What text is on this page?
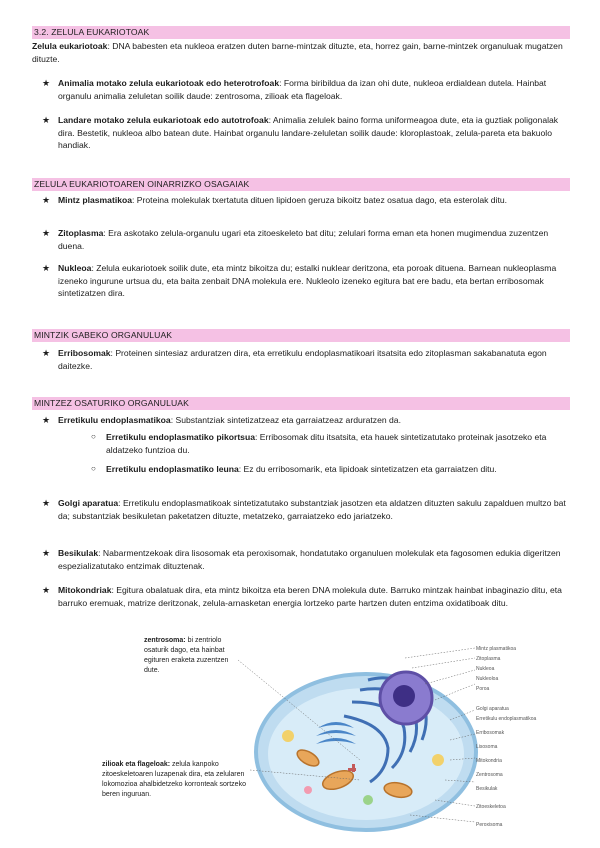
3.2. ZELULA EUKARIOTOAK
Zelula eukariotoak: DNA babesten eta nukleoa eratzen duten barne-mintzak dituzte, eta, horrez gain, barne-mintzek organuluak mugatzen dituzte.
★ Animalia motako zelula eukariotoak edo heterotrofoak: Forma biribildua da izan ohi dute, nukleoa erdialdean dutela. Hainbat organulu animalia zeluletan soilik daude: zentrosoma, zilioak eta flageloak.
★ Landare motako zelula eukariotoak edo autotrofoak: Animalia zelulek baino forma uniformeagoa dute, eta ia guztiak poligonalak dira. Bestetik, nukleoa albo batean dute. Hainbat organulu landare-zeluletan soilik daude: kloroplastoak, zelula-pareta eta bakuolo handiak.
ZELULA EUKARIOTOAREN OINARRIZKO OSAGAIAK
★ Mintz plasmatikoa: Proteina molekulak txertatuta dituen lipidoen geruza bikoitz batez osatua dago, eta esterolak ditu.
★ Zitoplasma: Era askotako zelula-organulu ugari eta zitoeskeleto bat ditu; zelulari forma eman eta honen mugimendua zuzentzen duena.
★ Nukleoa: Zelula eukariotoek soilik dute, eta mintz bikoitza du; estalki nuklear deritzona, eta poroak dituena. Barnean nukleoplasma izeneko ingurune urtsua du, eta baita zenbait DNA molekula ere. Nukleolo izeneko egitura bat ere badu, eta bertan erribosomak sintetizatzen dira.
MINTZIK GABEKO ORGANULUAK
★ Erribosomak: Proteinen sintesiaz arduratzen dira, eta erretikulu endoplasmatikoari itsatsita edo zitoplasman sakabanatuta egon daitezke.
MINTZEZ OSATURIKO ORGANULUAK
★ Erretikulu endoplasmatikoa: Substantziak sintetizatzeaz eta garraiatzeaz arduratzen da.
○ Erretikulu endoplasmatiko pikortsua: Erribosomak ditu itsatsita, eta hauek sintetizatutako proteinak jasotzeko eta aldatzeko funtzioa du.
○ Erretikulu endoplasmatiko leuna: Ez du erribosomarik, eta lipidoak sintetizatzen eta garraiatzen ditu.
★ Golgi aparatua: Erretikulu endoplasmatikoak sintetizatutako substantziak jasotzen eta aldatzen dituzten sakulu zapalduen multzo bat da; substantziak besikuletan paketatzen dituzte, metatzeko, garraiatzeko edo jariatzeko.
★ Besikulak: Nabarmentzekoak dira lisosomak eta peroxisomak, hondatutako organuluen molekulak eta fagosomen edukia digeritzen espezializatutako entzimak dituztenak.
★ Mitokondriak: Egitura obalatuak dira, eta mintz bikoitza eta beren DNA molekula dute. Barruko mintzak hainbat inbaginazio ditu, eta barruko eremuak, matrize deritzonak, zelula-arnasketan energia lortzeko parte hartzen duten entzima oxidatiboak ditu.
zentrosoma: bi zentriolo osaturik dago, eta hainbat egituren eraketa zuzentzen dute.
zilioak eta flageloak: zelula kanpoko zitoeskeletoaren luzapenak dira, eta zelularen lokomozioa ahalbidetzeko korronteak sortzeko beren inguruan.
Mintz plasmatikoa
Zitoplasma
Nukleoa
Nukleoloa
Poroa
Golgi aparatua
Erretikulu endoplasmatikoa
Erribosomak
Lisosoma
Mitokondria
Zentrosoma
Besikulak
Zitoeskeletoa
Peroxisoma
